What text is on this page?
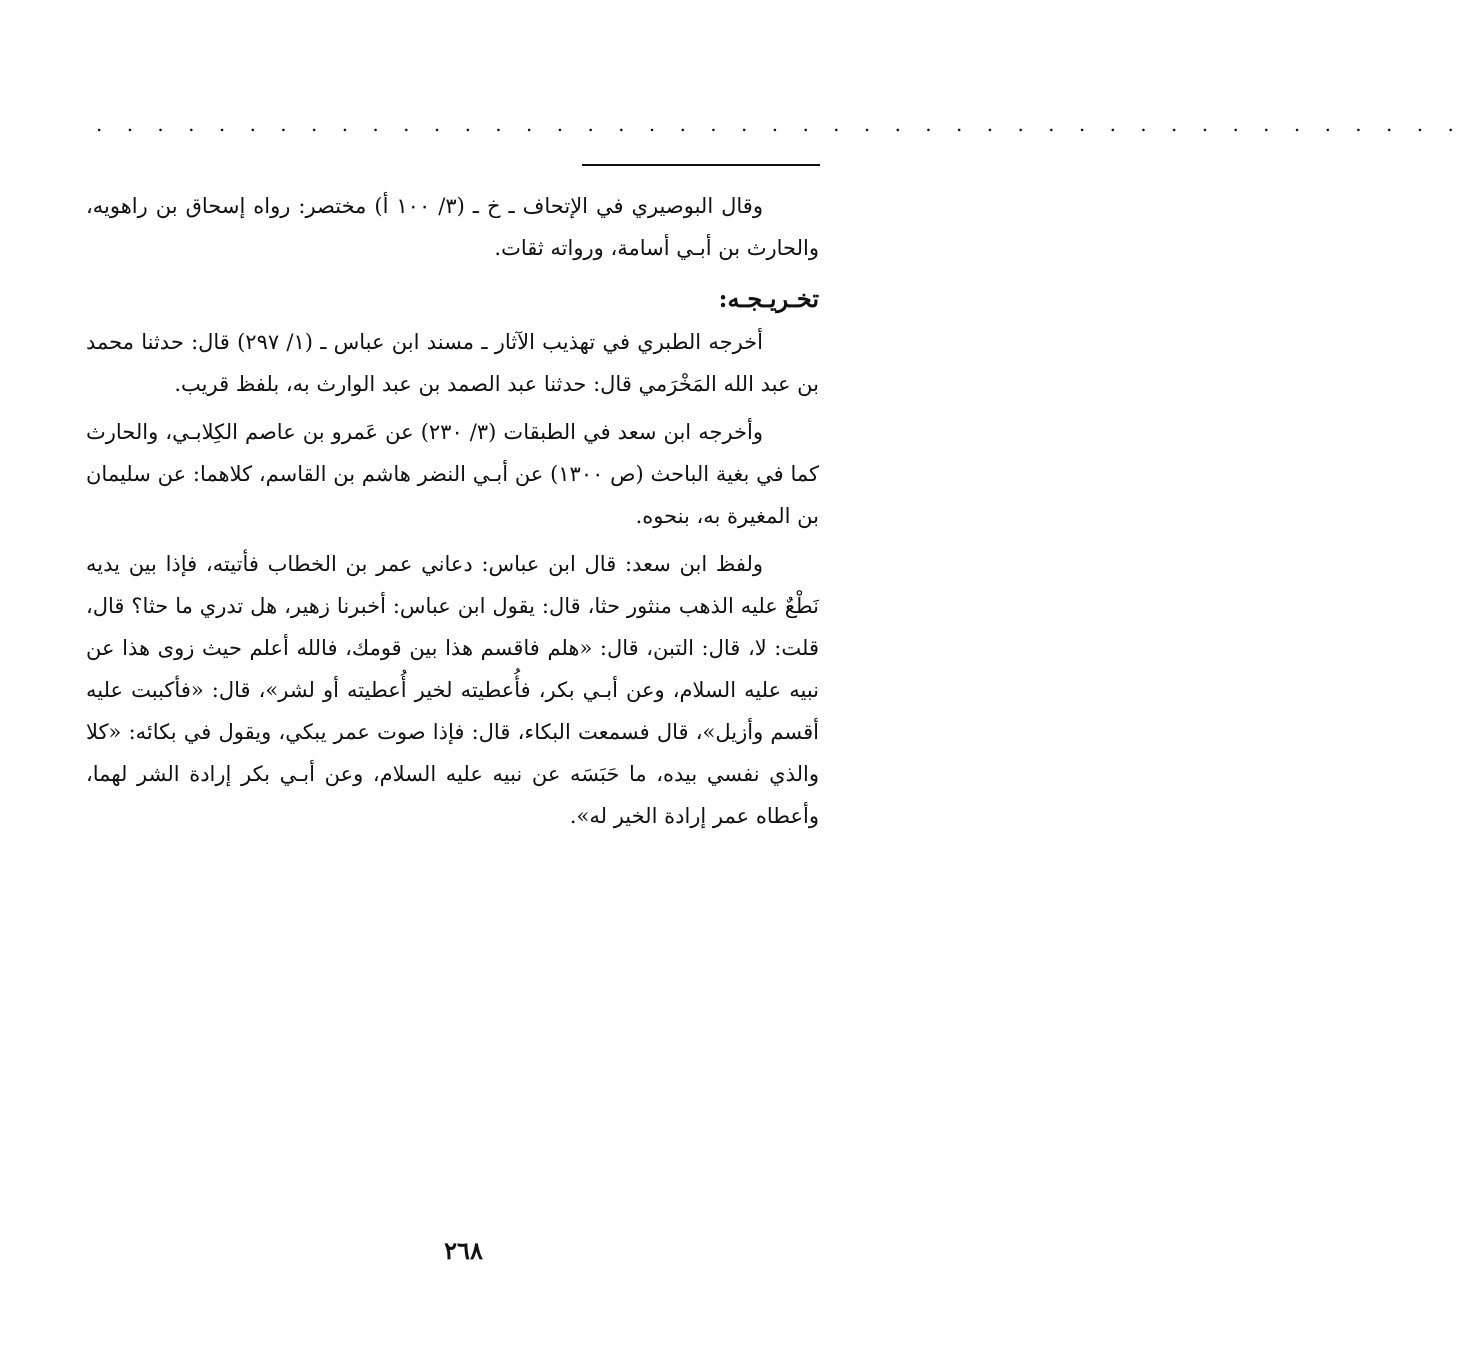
. . . . . . . . . . . . . . . . . . . . . . . . . . . . . . . . . . . . . . . . . . . . .

وقال البوصيري في الإتحاف ـ خ ـ (٣/ ١٠٠ أ) مختصر: رواه إسحاق بن راهويه، والحارث بن أبـي أسامة، ورواته ثقات.

تخـريـجـه:

أخرجه الطبري في تهذيب الآثار ـ مسند ابن عباس ـ (١/ ٢٩٧) قال: حدثنا محمد بن عبد الله المَخْرَمي قال: حدثنا عبد الصمد بن عبد الوارث به، بلفظ قريب.

وأخرجه ابن سعد في الطبقات (٣/ ٢٣٠) عن عَمرو بن عاصم الكِلابـي، والحارث كما في بغية الباحث (ص ١٣٠٠) عن أبـي النضر هاشم بن القاسم، كلاهما: عن سليمان بن المغيرة به، بنحوه.

ولفظ ابن سعد: قال ابن عباس: دعاني عمر بن الخطاب فأتيته، فإذا بين يديه نَطْعٌ عليه الذهب منثور حثا، قال: يقول ابن عباس: أخبرنا زهير، هل تدري ما حثا؟ قال، قلت: لا، قال: التبن، قال: «هلم فاقسم هذا بين قومك، فالله أعلم حيث زوى هذا عن نبيه عليه السلام، وعن أبـي بكر، فأُعطيته لخير أُعطيته أو لشر»، قال: «فأكببت عليه أقسم وأزيل»، قال فسمعت البكاء، قال: فإذا صوت عمر يبكي، ويقول في بكائه: «كلا والذي نفسي بيده، ما حَبَسَه عن نبيه عليه السلام، وعن أبـي بكر إرادة الشر لهما، وأعطاه عمر إرادة الخير له».

٢٦٨
